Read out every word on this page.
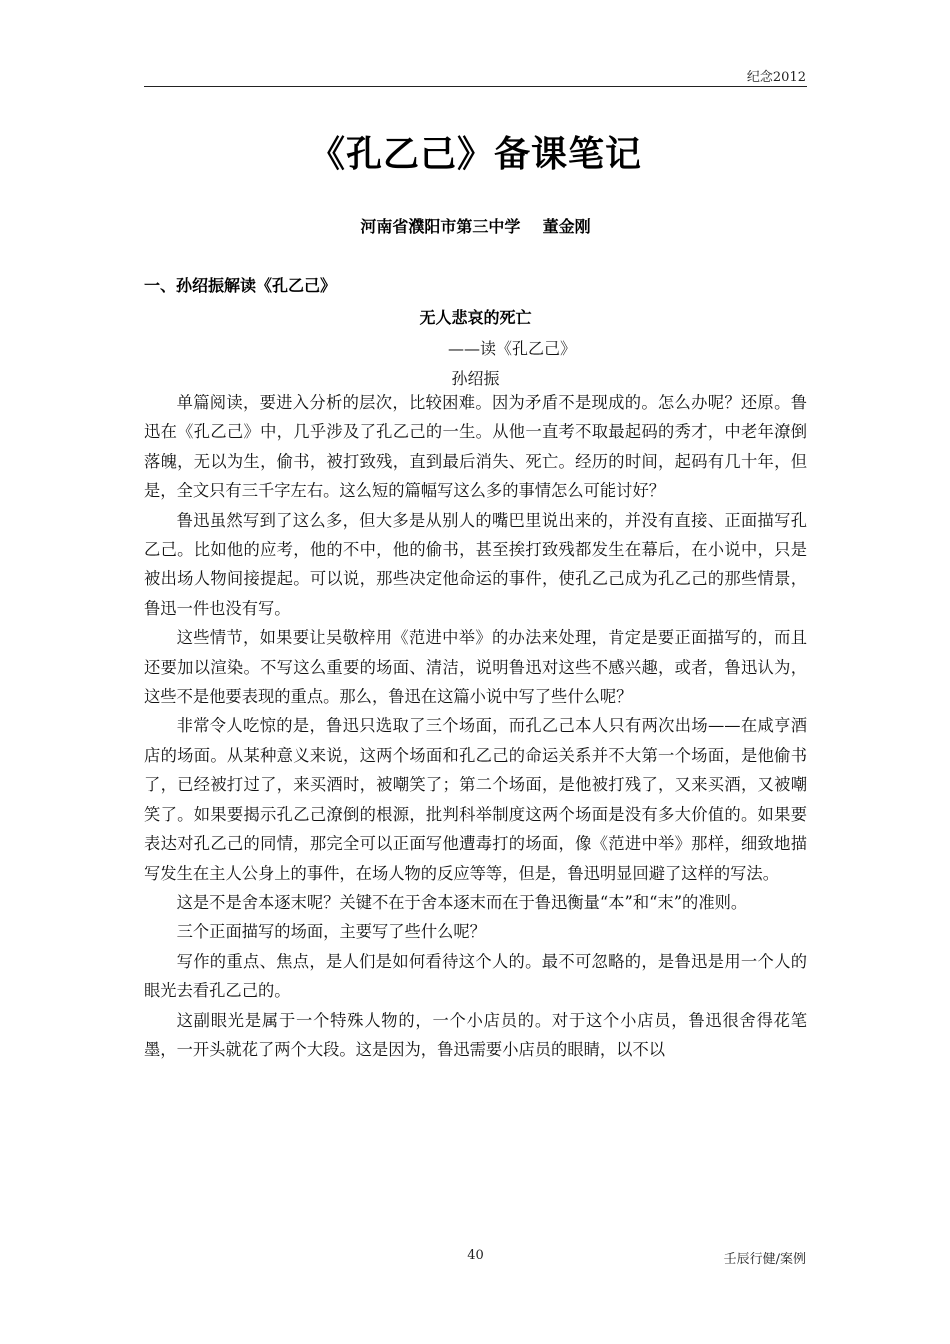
纪念2012
《孔乙己》备课笔记
河南省濮阳市第三中学    董金刚
一、孙绍振解读《孔乙己》
无人悲哀的死亡
——读《孔乙己》
孙绍振

单篇阅读，要进入分析的层次，比较困难。因为矛盾不是现成的。怎么办呢？还原。鲁迅在《孔乙己》中，几乎涉及了孔乙己的一生。从他一直考不取最起码的秀才，中老年潦倒落魄，无以为生，偷书，被打致残，直到最后消失、死亡。经历的时间，起码有几十年，但是，全文只有三千字左右。这么短的篇幅写这么多的事情怎么可能讨好？

鲁迅虽然写到了这么多，但大多是从别人的嘴巴里说出来的，并没有直接、正面描写孔乙己。比如他的应考，他的不中，他的偷书，甚至挨打致残都发生在幕后，在小说中，只是被出场人物间接提起。可以说，那些决定他命运的事件，使孔乙己成为孔乙己的那些情景，鲁迅一件也没有写。

这些情节，如果要让吴敬梓用《范进中举》的办法来处理，肯定是要正面描写的，而且还要加以渲染。不写这么重要的场面、清洁，说明鲁迅对这些不感兴趣，或者，鲁迅认为，这些不是他要表现的重点。那么，鲁迅在这篇小说中写了些什么呢？

非常令人吃惊的是，鲁迅只选取了三个场面，而孔乙己本人只有两次出场——在咸亨酒店的场面。从某种意义来说，这两个场面和孔乙己的命运关系并不大第一个场面，是他偷书了，已经被打过了，来买酒时，被嘲笑了；第二个场面，是他被打残了，又来买酒，又被嘲笑了。如果要揭示孔乙己潦倒的根源，批判科举制度这两个场面是没有多大价值的。如果要表达对孔乙己的同情，那完全可以正面写他遭毒打的场面，像《范进中举》那样，细致地描写发生在主人公身上的事件，在场人物的反应等等，但是，鲁迅明显回避了这样的写法。

这是不是舍本逐末呢？关键不在于舍本逐末而在于鲁迅衡量“本”和“末”的准则。

三个正面描写的场面，主要写了些什么呢？

写作的重点、焦点，是人们是如何看待这个人的。最不可忽略的，是鲁迅是用一个人的眼光去看孔乙己的。

这副眼光是属于一个特殊人物的，一个小店员的。对于这个小店员，鲁迅很舍得花笔墨，一开头就花了两个大段。这是因为，鲁迅需要小店员的眼睛，以不以

40	壬辰行健/案例
